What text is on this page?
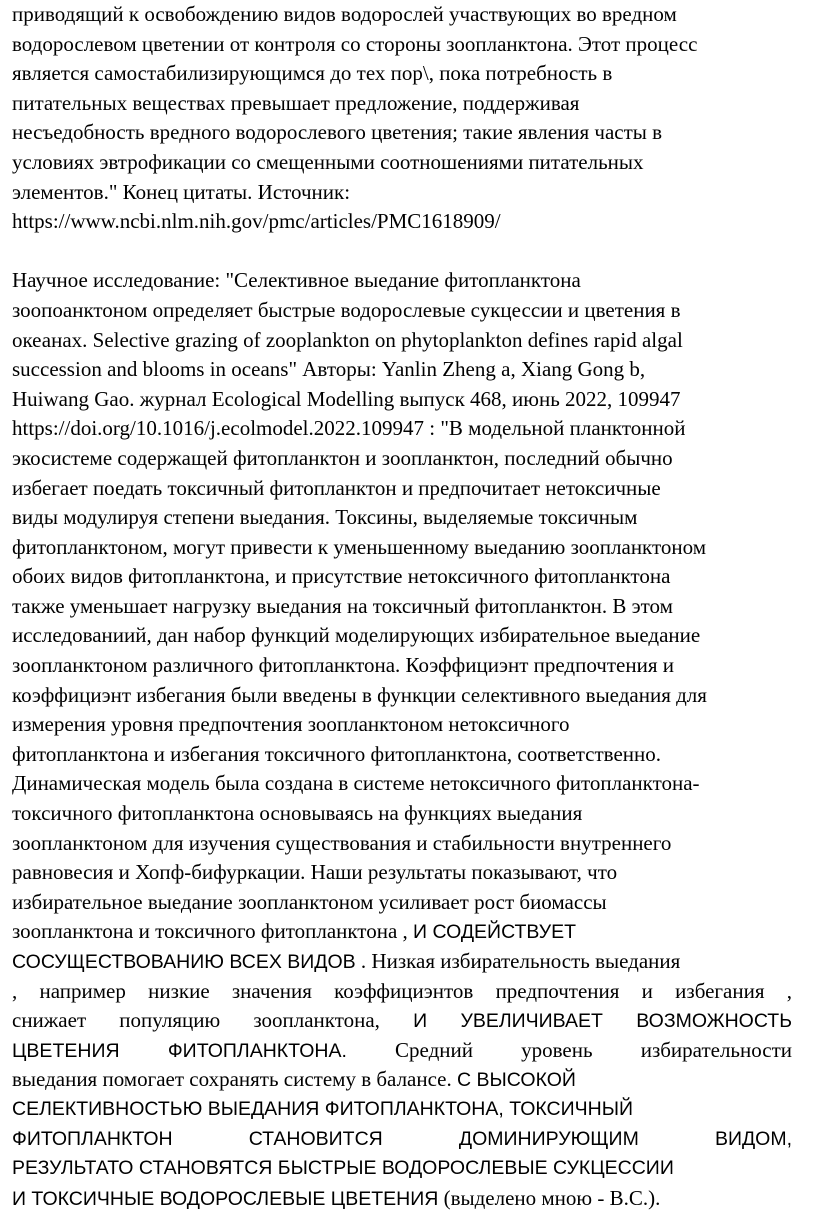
приводящий к освобождению видов водорослей участвующих во вредном
водорослевом цветении от контроля со стороны зоопланктона. Этот процесс
является самостабилизирующимся до тех пор\, пока потребность в
питательных веществах превышает предложение, поддерживая
несъедобность вредного водорослевого цветения; такие явления часты в
условиях эвтрофикации со смещенными соотношениями питательных
элементов." Конец цитаты. Источник:
https://www.ncbi.nlm.nih.gov/pmc/articles/PMC1618909/
Научное исследование: "Селективное выедание фитопланктона
зоопоанктоном определяет быстрые водорослевые сукцессии и цветения в
океанах. Selective grazing of zooplankton on phytoplankton defines rapid algal
succession and blooms in oceans" Авторы: Yanlin Zheng a, Xiang Gong b,
Huiwang Gao. журнал Ecological Modelling выпуск 468, июнь 2022, 109947
https://doi.org/10.1016/j.ecolmodel.2022.109947 : "В модельной планктонной
экосистеме содержащей фитопланктон и зоопланктон, последний обычно
избегает поедать токсичный фитопланктон и предпочитает нетоксичные
виды модулируя степени выедания. Токсины, выделяемые токсичным
фитопланктоном, могут привести к уменьшенному выеданию зоопланктоном
обоих видов фитопланктона, и присутствие нетоксичного фитопланктона
также уменьшает нагрузку выедания на токсичный фитопланктон. В этом
исследованиий, дан набор функций моделирующих избирательное выедание
зоопланктоном различного фитопланктона. Коэффициэнт предпочтения и
коэффициэнт избегания были введены в функции селективного выедания для
измерения уровня предпочтения зоопланктоном нетоксичного
фитопланктона и избегания токсичного фитопланктона, соответственно.
Динамическая модель была создана в системе нетоксичного фитопланктона-
токсичного фитопланктона основываясь на функциях выедания
зоопланктоном для изучения существования и стабильности внутреннего
равновесия и Хопф-бифуркации. Наши результаты показывают, что
избирательное выедание зоопланктоном усиливает рост биомассы
зоопланктона и токсичного фитопланктона , И СОДЕЙСТВУЕТ
СОСУЩЕСТВОВАНИЮ ВСЕХ ВИДОВ . Низкая избирательность выедания
, например низкие значения коэффициэнтов предпочтения и избегания ,
снижает популяцию зоопланктона, И УВЕЛИЧИВАЕТ ВОЗМОЖНОСТЬ
ЦВЕТЕНИЯ ФИТОПЛАНКТОНА. Средний уровень избирательности
выедания помогает сохранять систему в балансе. С ВЫСОКОЙ
СЕЛЕКТИВНОСТЬЮ ВЫЕДАНИЯ ФИТОПЛАНКТОНА, ТОКСИЧНЫЙ
ФИТОПЛАНКТОН СТАНОВИТСЯ ДОМИНИРУЮЩИМ ВИДОМ,
РЕЗУЛЬТАТО СТАНОВЯТСЯ БЫСТРЫЕ ВОДОРОСЛЕВЫЕ СУКЦЕССИИ
И ТОКСИЧНЫЕ ВОДОРОСЛЕВЫЕ ЦВЕТЕНИЯ (выделено мною - В.С.).
